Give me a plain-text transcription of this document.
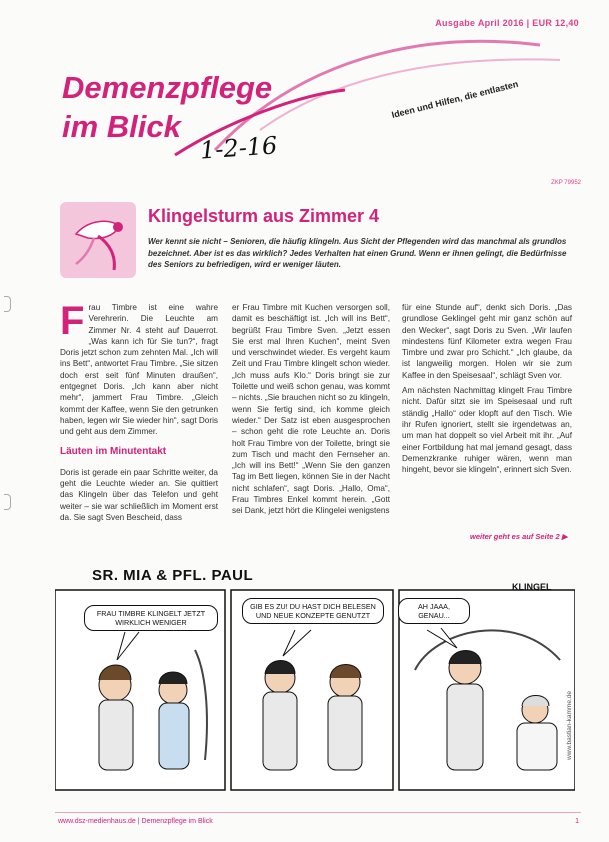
Ausgabe April 2016 | EUR 12,40
Demenzpflege
im Blick
Ideen und Hilfen, die entlasten
1-2-16
ZKP 79952
Klingelsturm aus Zimmer 4

Wer kennt sie nicht – Senioren, die häufig klingeln. Aus Sicht der Pflegenden wird das manchmal als grundlos bezeichnet. Aber ist es das wirklich? Jedes Verhalten hat einen Grund. Wenn er ihnen gelingt, die Bedürfnisse des Seniors zu befriedigen, wird er weniger läuten.

Frau Timbre ist eine wahre Verehrerin. Die Leuchte am Zimmer Nr. 4 steht auf Dauerrot. „Was kann ich für Sie tun?“, fragt Doris jetzt schon zum zehnten Mal. „Ich will ins Bett“, antwortet Frau Timbre. „Sie sitzen doch erst seit fünf Minuten draußen“, entgegnet Doris. „Ich kann aber nicht mehr“, jammert Frau Timbre. „Gleich kommt der Kaffee, wenn Sie den getrunken haben, legen wir Sie wieder hin“, sagt Doris und geht aus dem Zimmer.

Läuten im Minutentakt

Doris ist gerade ein paar Schritte weiter, da geht die Leuchte wieder an. Sie quittiert das Klingeln über das Telefon und geht weiter – sie war schließlich im Moment erst da. Sie sagt Sven Bescheid, dass

er Frau Timbre mit Kuchen versorgen soll, damit es beschäftigt ist. „Ich will ins Bett“, begrüßt Frau Timbre Sven. „Jetzt essen Sie erst mal Ihren Kuchen“, meint Sven und verschwindet wieder. Es vergeht kaum Zeit und Frau Timbre klingelt schon wieder. „Ich muss aufs Klo.“ Doris bringt sie zur Toilette und weiß schon genau, was kommt – nichts. „Sie brauchen nicht so zu klingeln, wenn Sie fertig sind, ich komme gleich wieder.“ Der Satz ist eben ausgesprochen – schon geht die rote Leuchte an. Doris holt Frau Timbre von der Toilette, bringt sie zum Tisch und macht den Fernseher an. „Ich will ins Bett!“ „Wenn Sie den ganzen Tag im Bett liegen, können Sie in der Nacht nicht schlafen“, sagt Doris. „Hallo, Oma“, Frau Timbres Enkel kommt herein. „Gott sei Dank, jetzt hört die Klingelei wenigstens

für eine Stunde auf“, denkt sich Doris. „Das grundlose Geklingel geht mir ganz schön auf den Wecker“, sagt Doris zu Sven. „Wir laufen mindestens fünf Kilometer extra wegen Frau Timbre und zwar pro Schicht.“ „Ich glaube, da ist langweilig morgen. Holen wir sie zum Kaffee in den Speisesaal“, schlägt Sven vor.

Am nächsten Nachmittag klingelt Frau Timbre nicht. Dafür sitzt sie im Speisesaal und ruft ständig „Hallo“ oder klopft auf den Tisch. Wie ihr Rufen ignoriert, stellt sie irgendetwas an, um man hat doppelt so viel Arbeit mit ihr. „Auf einer Fortbildung hat mal jemand gesagt, dass Demenzkranke ruhiger wären, wenn man hingeht, bevor sie klingeln“, erinnert sich Sven.

weiter geht es auf Seite 2 ▶
SR. MIA & PFL. PAUL
KLINGEL
FRAU TIMBRE KLINGELT JETZT WIRKLICH WENIGER
GIB ES ZU! DU HAST DICH BELESEN UND NEUE KONZEPTE GENUTZT
AH JAAA, GENAU...
www.bastian-kamme.de
www.dsz-medienhaus.de | Demenzpflege im Blick	1
